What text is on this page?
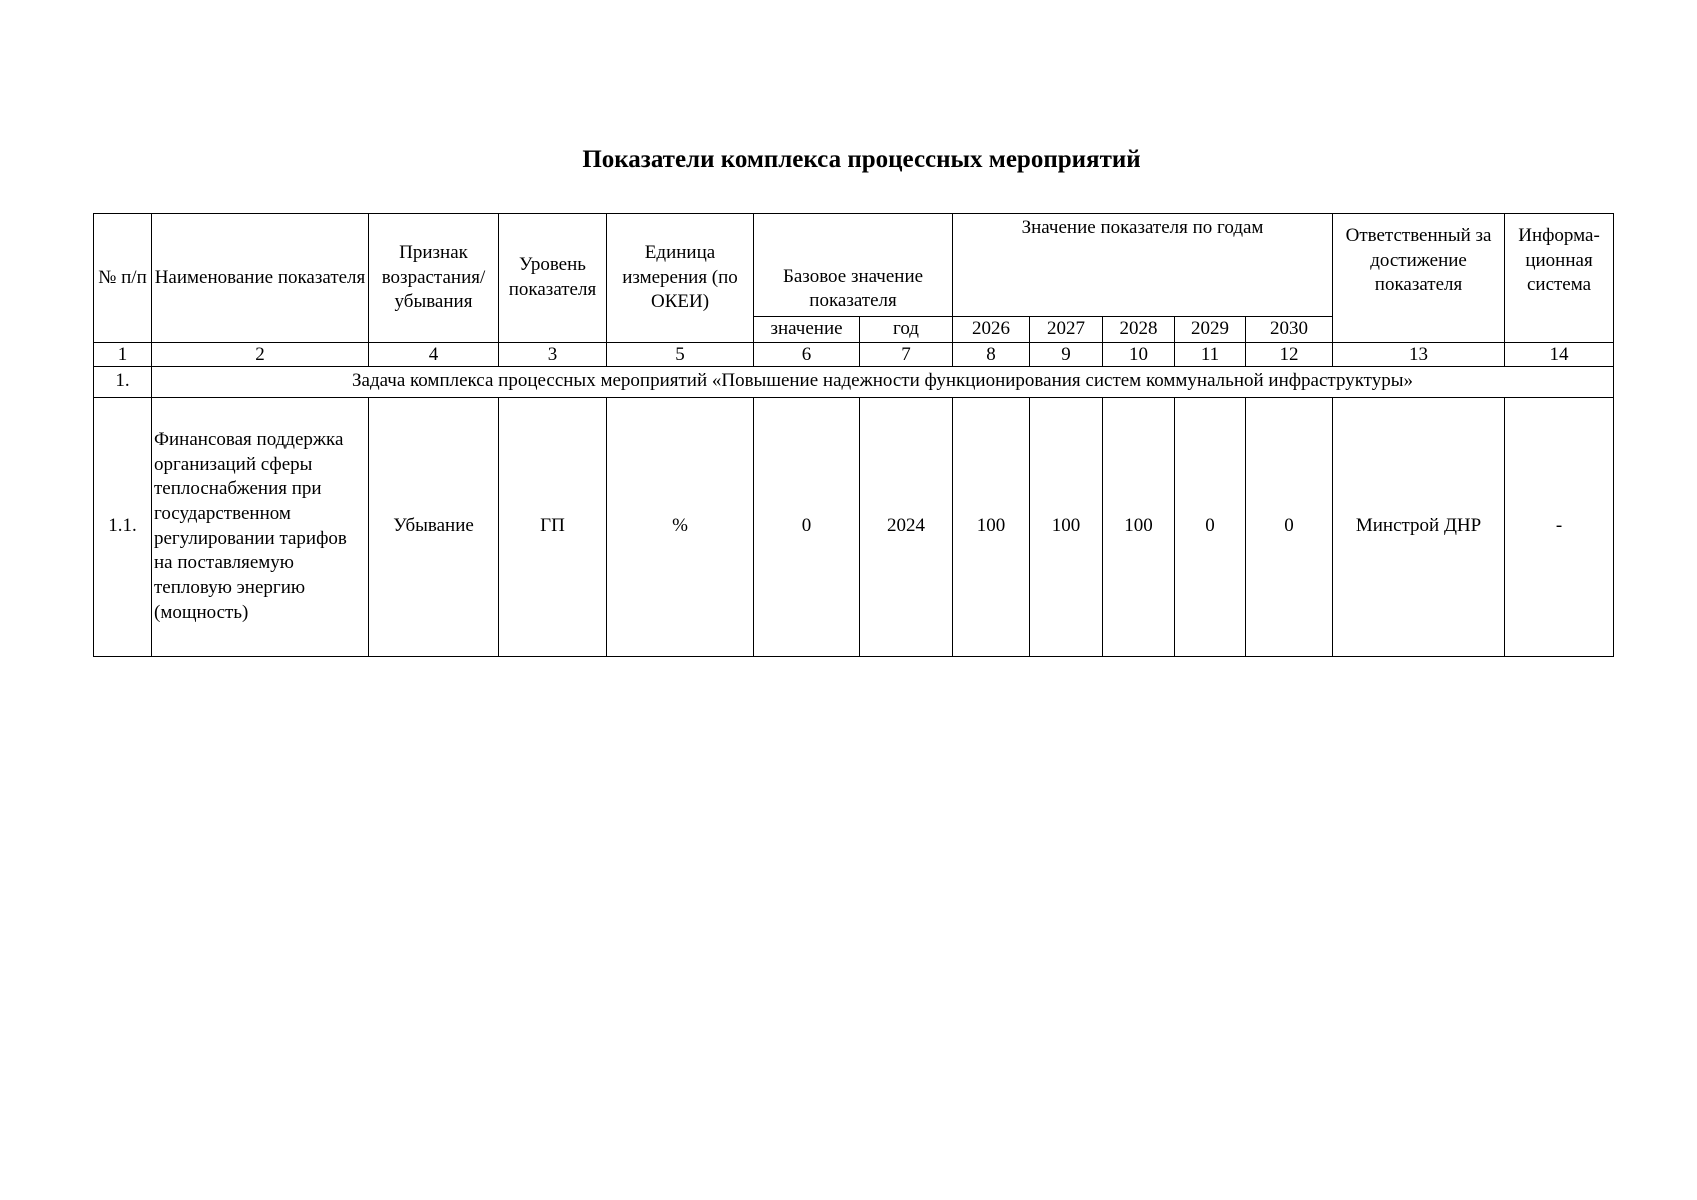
Показатели комплекса процессных мероприятий
№ п/п	Наименование показателя	Признак возрастания/ убывания	Уровень показателя	Единица измерения (по ОКЕИ)	Базовое значение показателя		Значение показателя по годам					Ответственный за достижение показателя	Информа-ционная система
					значение	год	2026	2027	2028	2029	2030		
1	2	4	3	5	6	7	8	9	10	11	12	13	14
1.	Задача комплекса процессных мероприятий «Повышение надежности функционирования систем коммунальной инфраструктуры»												
1.1.	Финансовая поддержка организаций сферы теплоснабжения при государственном регулировании тарифов на поставляемую тепловую энергию (мощность)	Убывание	ГП	%	0	2024	100	100	100	0	0	Минстрой ДНР	-
